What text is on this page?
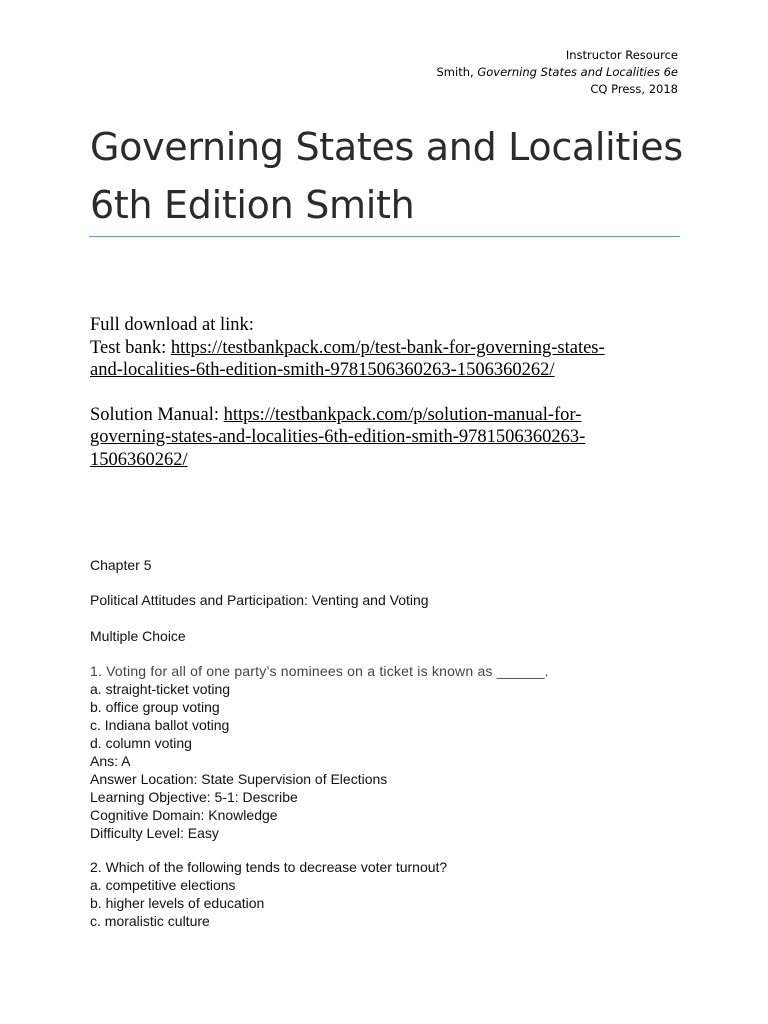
Instructor Resource
Smith, Governing States and Localities 6e
CQ Press, 2018
Governing States and Localities
6th Edition Smith
Full download at link:
Test bank: https://testbankpack.com/p/test-bank-for-governing-states-
and-localities-6th-edition-smith-9781506360263-1506360262/
Solution Manual: https://testbankpack.com/p/solution-manual-for-
governing-states-and-localities-6th-edition-smith-9781506360263-
1506360262/
Chapter 5
Political Attitudes and Participation: Venting and Voting
Multiple Choice
1. Voting for all of one party’s nominees on a ticket is known as ______.
a. straight-ticket voting
b. office group voting
c. Indiana ballot voting
d. column voting
Ans: A
Answer Location: State Supervision of Elections
Learning Objective: 5-1: Describe
Cognitive Domain: Knowledge
Difficulty Level: Easy
2. Which of the following tends to decrease voter turnout?
a. competitive elections
b. higher levels of education
c. moralistic culture
